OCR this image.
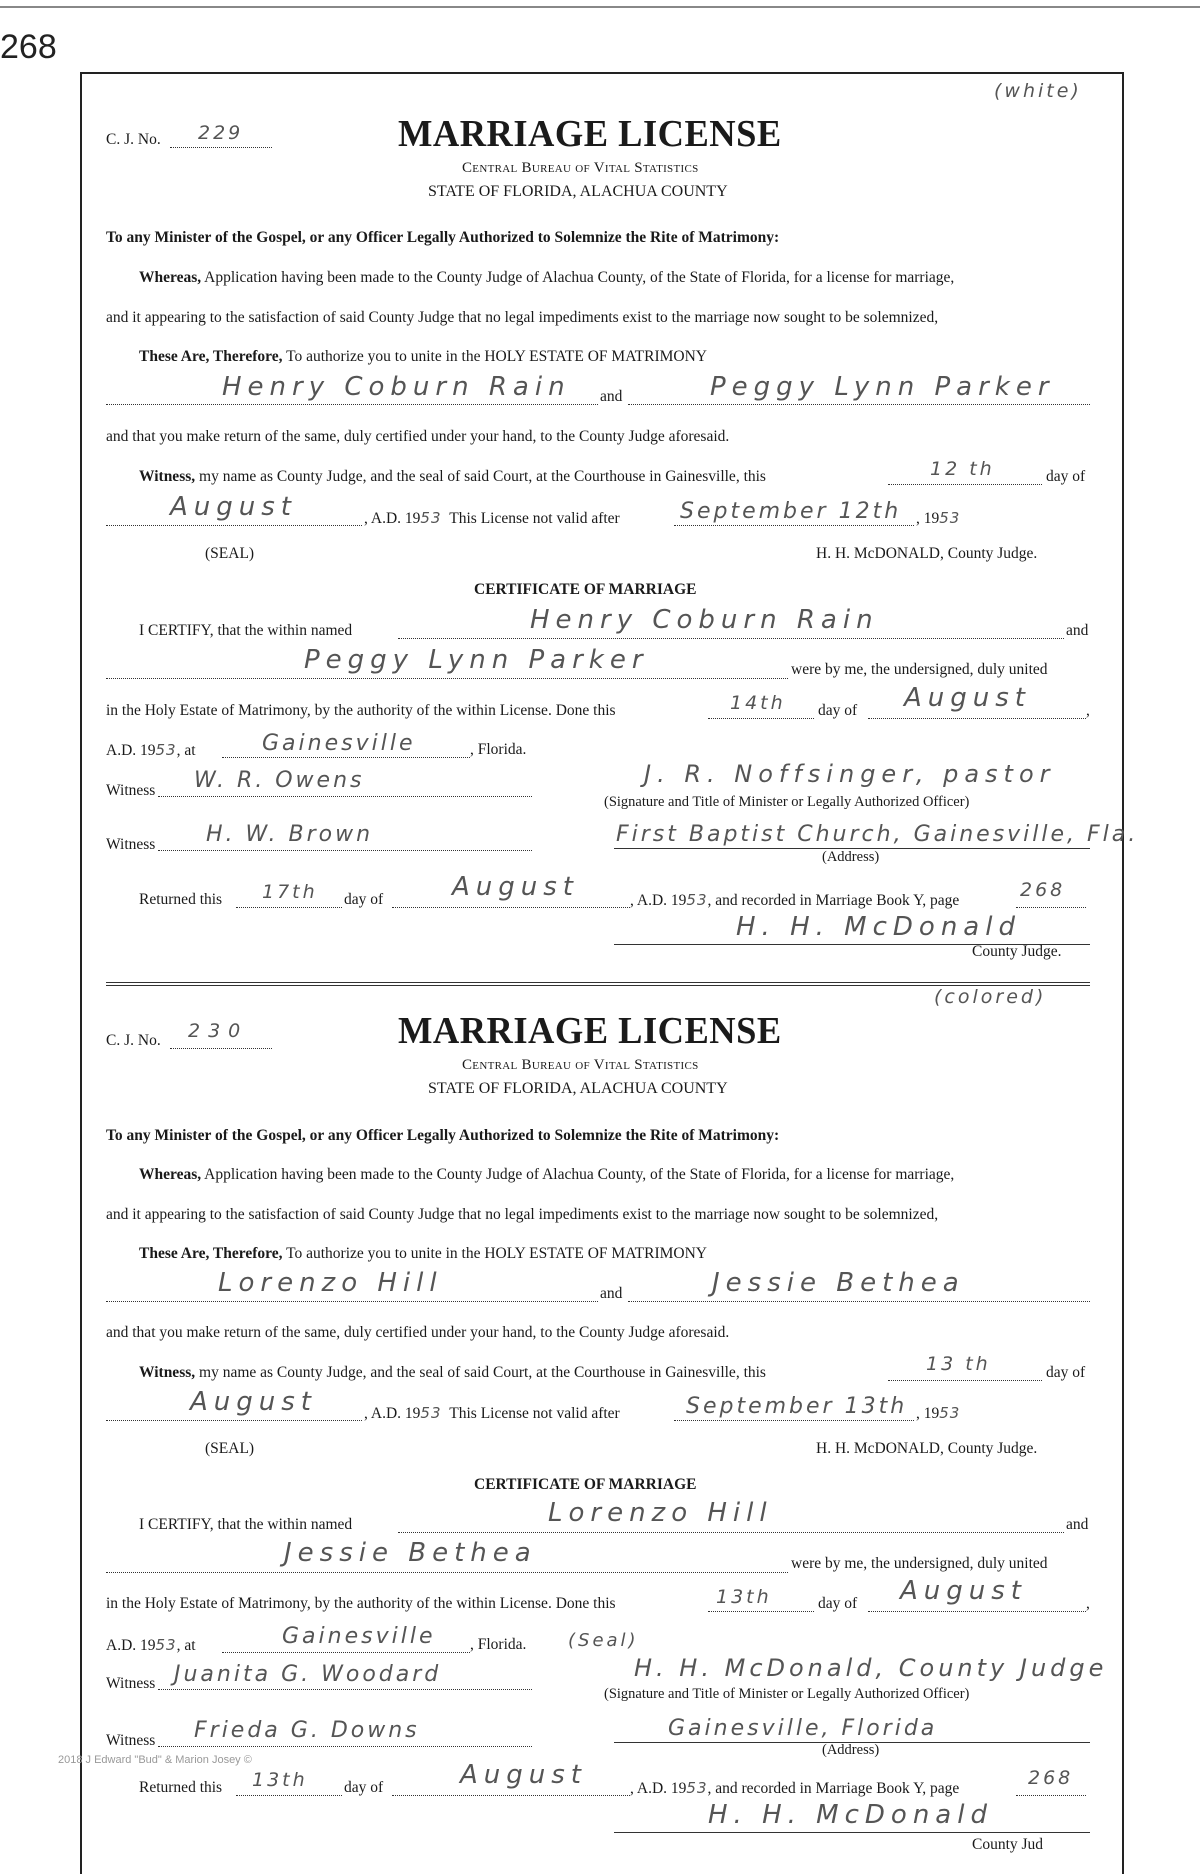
268
2018 J Edward "Bud" & Marion Josey ©
(white)
C. J. No. 229	MARRIAGE LICENSE
Central Bureau of Vital Statistics
STATE OF FLORIDA, ALACHUA COUNTY
To any Minister of the Gospel, or any Officer Legally Authorized to Solemnize the Rite of Matrimony:
Whereas, Application having been made to the County Judge of Alachua County, of the State of Florida, for a license for marriage,
and it appearing to the satisfaction of said County Judge that no legal impediments exist to the marriage now sought to be solemnized,
These Are, Therefore, To authorize you to unite in the HOLY ESTATE OF MATRIMONY
Henry Coburn Rain and	Peggy Lynn Parker
and that you make return of the same, duly certified under your hand, to the County Judge aforesaid.
Witness, my name as County Judge, and the seal of said Court, at the Courthouse in Gainesville, this	12 th	day of
August	, A.D. 1953 This License not valid after	September 12th , 1953
(SEAL)	H. H. McDONALD, County Judge.
CERTIFICATE OF MARRIAGE
I CERTIFY, that the within named	Henry Coburn Rain	and
Peggy Lynn Parker	were by me, the undersigned, duly united
in the Holy Estate of Matrimony, by the authority of the within License. Done this	14th day of August	,
A.D. 1953, at	Gainesville	, Florida.
Witness W. R. Owens	J. R. Noffsinger, pastor
(Signature and Title of Minister or Legally Authorized Officer)
Witness H. W. Brown	First Baptist Church, Gainesville, Fla.
(Address)
Returned this 17th day of	August	, A.D. 1953, and recorded in Marriage Book Y, page	268
H. H. McDonald
County Judge.
(colored)
C. J. No. 230	MARRIAGE LICENSE
Central Bureau of Vital Statistics
STATE OF FLORIDA, ALACHUA COUNTY
To any Minister of the Gospel, or any Officer Legally Authorized to Solemnize the Rite of Matrimony:
Whereas, Application having been made to the County Judge of Alachua County, of the State of Florida, for a license for marriage,
and it appearing to the satisfaction of said County Judge that no legal impediments exist to the marriage now sought to be solemnized,
These Are, Therefore, To authorize you to unite in the HOLY ESTATE OF MATRIMONY
Lorenzo Hill	and	Jessie Bethea
and that you make return of the same, duly certified under your hand, to the County Judge aforesaid.
Witness, my name as County Judge, and the seal of said Court, at the Courthouse in Gainesville, this	13 th	day of
August	, A.D. 1953 This License not valid after	September 13th , 1953
(SEAL)	H. H. McDONALD, County Judge.
CERTIFICATE OF MARRIAGE
I CERTIFY, that the within named	Lorenzo Hill	and
Jessie Bethea	were by me, the undersigned, duly united
in the Holy Estate of Matrimony, by the authority of the within License. Done this	13th	day of August	,
A.D. 1953, at	Gainesville , Florida. (Seal)
Witness Juanita G. Woodard	H. H. McDonald, County Judge
(Signature and Title of Minister or Legally Authorized Officer)
Witness Frieda G. Downs	Gainesville, Florida
(Address)
Returned this 13th day of	August	, A.D. 1953, and recorded in Marriage Book Y, page	268
H. H. McDonald
County Jud
